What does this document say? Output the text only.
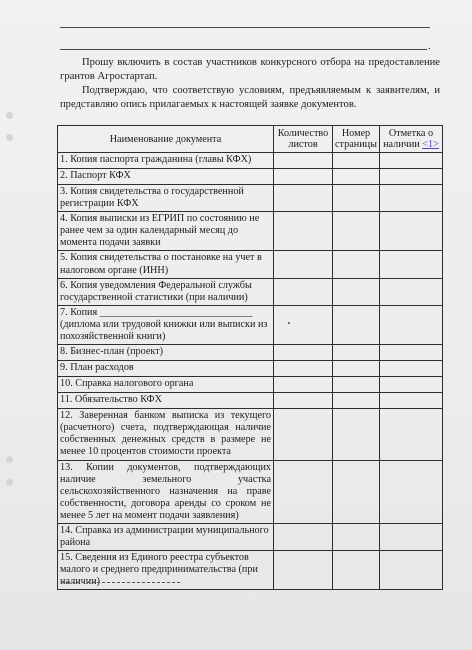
.

Прошу включить в состав участников конкурсного отбора на предоставление грантов Агростартап.

Подтверждаю, что соответствую условиям, предъявляемым к заявителям, и представляю опись прилагаемых к настоящей заявке документов.

Наименование документа	Количество листов	Номер страницы	Отметка о наличии <1>
1. Копия паспорта гражданина (главы КФХ)			
2. Паспорт КФХ			
3. Копия свидетельства о государственной регистрации КФХ			
4. Копия выписки из ЕГРИП по состоянию не ранее чем за один календарный месяц до момента подачи заявки			
5. Копия свидетельства о постановке на учет в налоговом органе (ИНН)			
6. Копия уведомления Федеральной службы государственной статистики (при наличии)			
7. Копия ______________________________ (диплома или трудовой книжки или выписки из похозяйственной книги)			
8. Бизнес-план (проект)			
9. План расходов			
10. Справка налогового органа			
11. Обязательство КФХ			
12. Заверенная банком выписка из текущего (расчетного) счета, подтверждающая наличие собственных денежных средств в размере не менее 10 процентов стоимости проекта			
13. Копии документов, подтверждающих наличие земельного участка сельскохозяйственного назначения на праве собственности, договора аренды со сроком не менее 5 лет на момент подачи заявления)			
14. Справка из администрации муниципального района			
15. Сведения из Единого реестра субъектов малого и среднего предпринимательства (при наличии)			
